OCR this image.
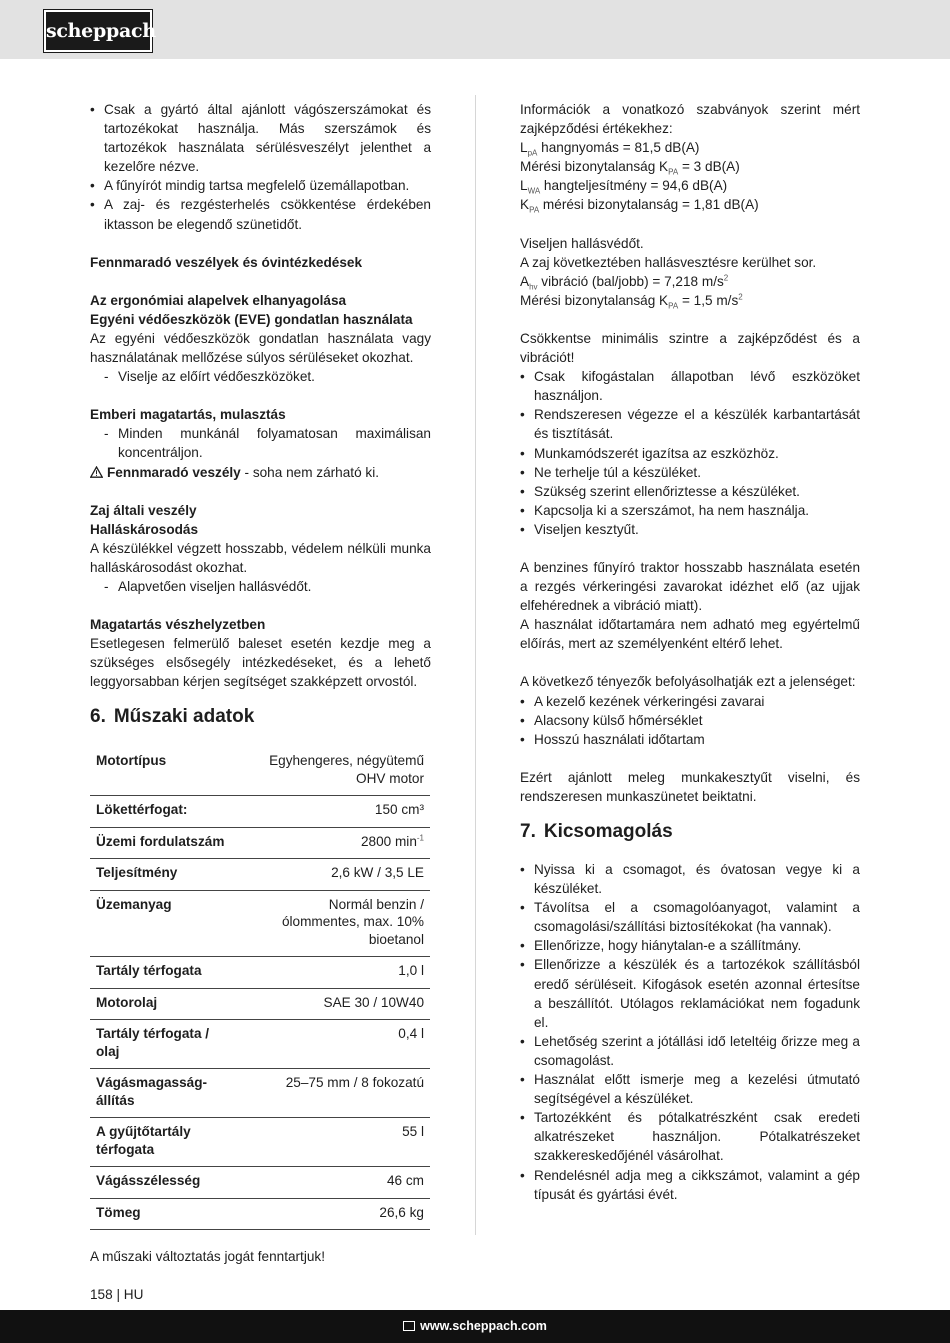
scheppach
• Csak a gyártó által ajánlott vágószerszámokat és tartozékokat használja. Más szerszámok és tartozékok használata sérülésveszélyt jelenthet a kezelőre nézve.
• A fűnyírót mindig tartsa megfelelő üzemállapotban.
• A zaj- és rezgésterhelés csökkentése érdekében iktasson be elegendő szünetidőt.

Fennmaradó veszélyek és óvintézkedések

Az ergonómiai alapelvek elhanyagolása

Egyéni védőeszközök (EVE) gondatlan használata

Az egyéni védőeszközök gondatlan használata vagy használatának mellőzése súlyos sérüléseket okozhat.

- Viselje az előírt védőeszközöket.

Emberi magatartás, mulasztás

- Minden munkánál folyamatosan maximálisan koncentráljon.

Fennmaradó veszély - soha nem zárható ki.

Zaj általi veszély

Halláskárosodás

A készülékkel végzett hosszabb, védelem nélküli munka halláskárosodást okozhat.

- Alapvetően viseljen hallásvédőt.

Magatartás vészhelyzetben

Esetlegesen felmerülő baleset esetén kezdje meg a szükséges elsősegély intézkedéseket, és a lehető leggyorsabban kérjen segítséget szakképzett orvostól.

6. Műszaki adatok
Motortípus	Egyhengeres, négyütemű OHV motor
Lökettérfogat:	150 cm³
Üzemi fordulatszám	2800 $\min^{-1}$
Teljesítmény	2,6 kW / 3,5 LE
Üzemanyag	Normál benzin / ólommentes, max. 10% bioetanol
Tartály térfogata	1,0 l
Motorolaj	SAE 30 / 10W40
Tartály térfogata / olaj	0,4 l
Vágásmagasság-állítás	25–75 mm / 8 fokozatú
A gyűjtőtartály térfogata	55 l
Vágásszélesség	46 cm
Tömeg	26,6 kg

Információk a vonatkozó szabványok szerint mért zajképződési értékekhez:

$L_{pA}$ hangnyomás = 81,5 dB(A)

Mérési bizonytalanság $K_{PA} = 3$ dB(A)

$L_{WA}$ hangteljesítmény = 94,6 dB(A)

$K_{PA}$ mérési bizonytalanság = 1,81 dB(A)

Viseljen hallásvédőt.

A zaj következtében hallásvesztésre kerülhet sor.

$A_{hv}$ vibráció (bal/jobb) = 7,218 $m/s^2$

Mérési bizonytalanság $K_{PA} = 1,5$ $m/s^2$

Csökkentse minimális szintre a zajképződést és a vibrációt!

• Csak kifogástalan állapotban lévő eszközöket használjon.
• Rendszeresen végezze el a készülék karbantartását és tisztítását.
• Munkamódszerét igazítsa az eszközhöz.
• Ne terhelje túl a készüléket.
• Szükség szerint ellenőriztesse a készüléket.
• Kapcsolja ki a szerszámot, ha nem használja.
• Viseljen kesztyűt.

A benzines fűnyíró traktor hosszabb használata esetén a rezgés vérkeringési zavarokat idézhet elő (az ujjak elfehérednek a vibráció miatt).

A használat időtartamára nem adható meg egyértelmű előírás, mert az személyenként eltérő lehet.

A következő tényezők befolyásolhatják ezt a jelenséget:

• A kezelő kezének vérkeringési zavarai
• Alacsony külső hőmérséklet
• Hosszú használati időtartam

Ezért ajánlott meleg munkakesztyűt viselni, és rendszeresen munkaszünetet beiktatni.

7. Kicsomagolás
• Nyissa ki a csomagot, és óvatosan vegye ki a készüléket.
• Távolítsa el a csomagolóanyagot, valamint a csomagolási/szállítási biztosítékokat (ha vannak).
• Ellenőrizze, hogy hiánytalan-e a szállítmány.
• Ellenőrizze a készülék és a tartozékok szállításból eredő sérüléseit. Kifogások esetén azonnal értesítse a beszállítót. Utólagos reklamációkat nem fogadunk el.
• Lehetőség szerint a jótállási idő leteltéig őrizze meg a csomagolást.
• Használat előtt ismerje meg a kezelési útmutató segítségével a készüléket.
• Tartozékként és pótalkatrészként csak eredeti alkatrészeket használjon. Pótalkatrészeket szakkereskedőjénél vásárolhat.
• Rendelésnél adja meg a cikkszámot, valamint a gép típusát és gyártási évét.
A műszaki változtatás jogát fenntartjuk!
158 | HU
www.scheppach.com
